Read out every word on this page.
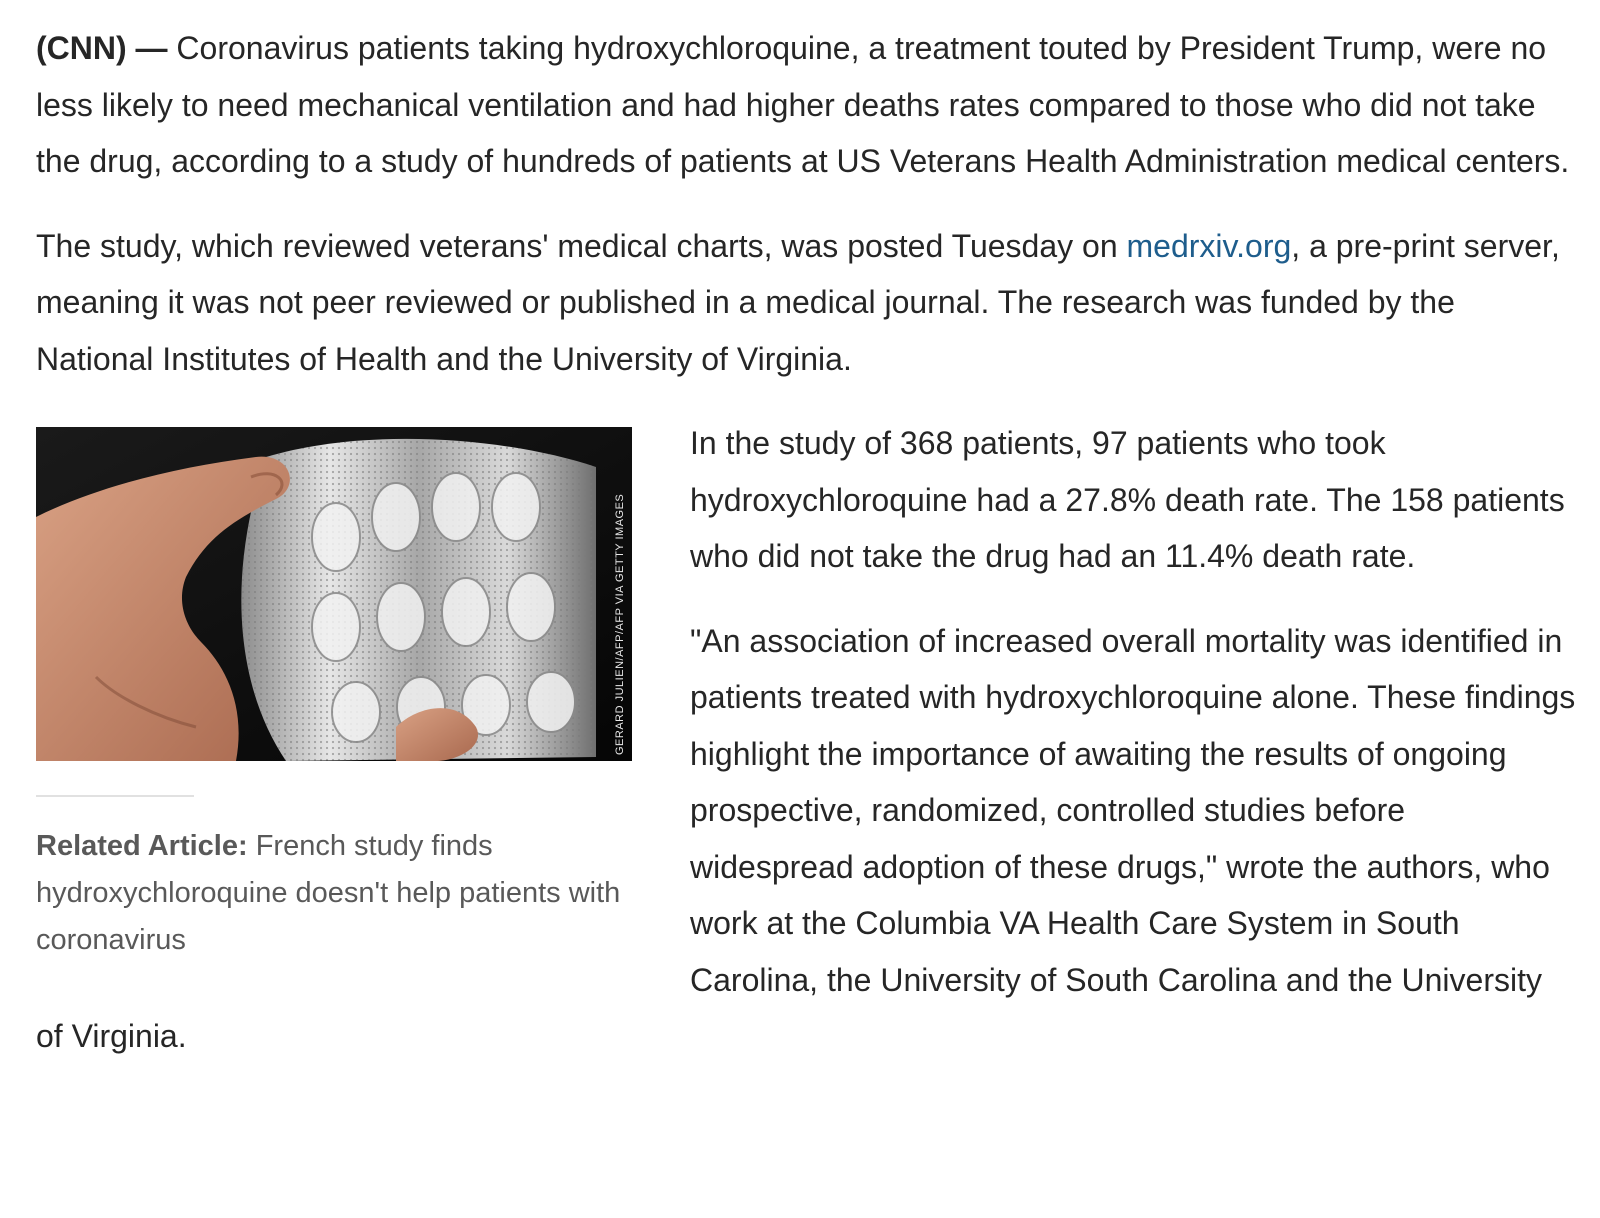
(CNN) — Coronavirus patients taking hydroxychloroquine, a treatment touted by President Trump, were no less likely to need mechanical ventilation and had higher deaths rates compared to those who did not take the drug, according to a study of hundreds of patients at US Veterans Health Administration medical centers.

The study, which reviewed veterans' medical charts, was posted Tuesday on medrxiv.org, a pre-print server, meaning it was not peer reviewed or published in a medical journal. The research was funded by the National Institutes of Health and the University of Virginia.

GERARD JULIEN/AFP/AFP VIA GETTY IMAGES
Related Article: French study finds hydroxychloroquine doesn't help patients with coronavirus

In the study of 368 patients, 97 patients who took hydroxychloroquine had a 27.8% death rate. The 158 patients who did not take the drug had an 11.4% death rate.

"An association of increased overall mortality was identified in patients treated with hydroxychloroquine alone. These findings highlight the importance of awaiting the results of ongoing prospective, randomized, controlled studies before widespread adoption of these drugs," wrote the authors, who work at the Columbia VA Health Care System in South Carolina, the University of South Carolina and the University of Virginia.
